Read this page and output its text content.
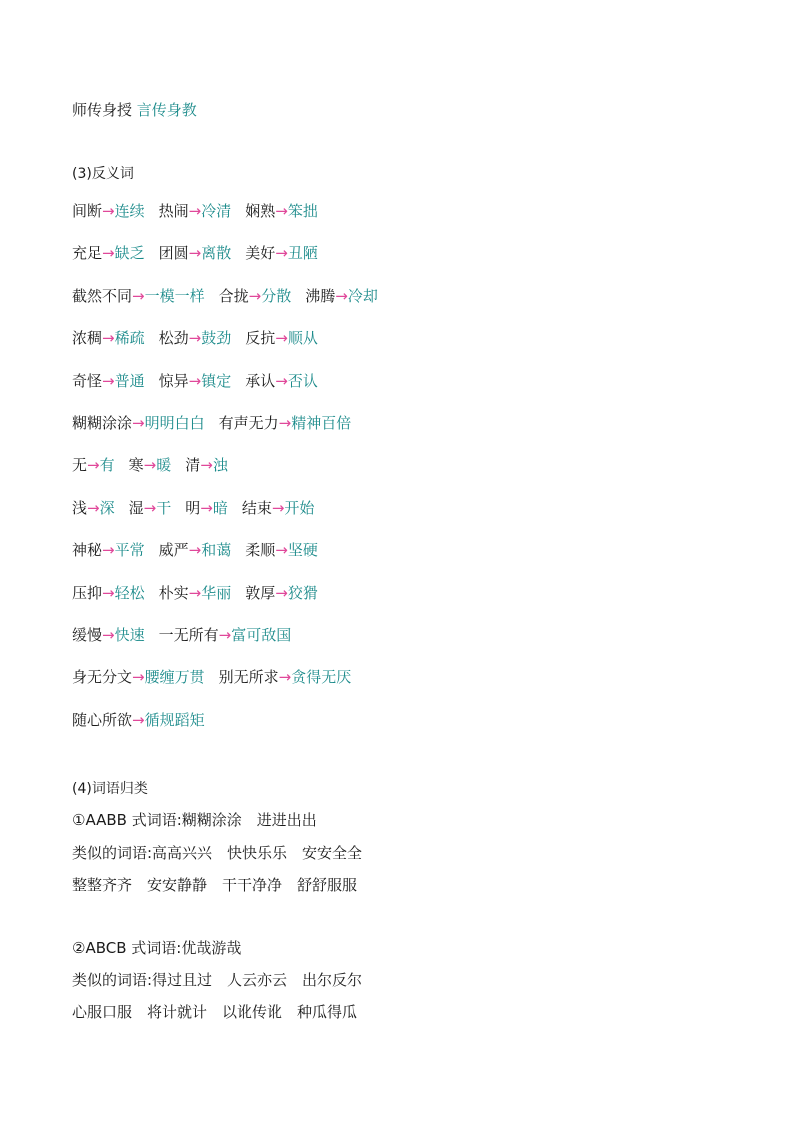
师传身授 言传身教
(3)反义词
间断→连续 热闹→冷清 娴熟→笨拙
充足→缺乏 团圆→离散 美好→丑陋
截然不同→一模一样 合拢→分散 沸腾→冷却
浓稠→稀疏 松劲→鼓劲 反抗→顺从
奇怪→普通 惊异→镇定 承认→否认
糊糊涂涂→明明白白 有声无力→精神百倍
无→有 寒→暖 清→浊
浅→深 湿→干 明→暗 结束→开始
神秘→平常 威严→和蔼 柔顺→坚硬
压抑→轻松 朴实→华丽 敦厚→狡猾
缓慢→快速 一无所有→富可敌国
身无分文→腰缠万贯 别无所求→贪得无厌
随心所欲→循规蹈矩
(4)词语归类
①AABB 式词语:糊糊涂涂　进进出出
类似的词语:高高兴兴　快快乐乐　安安全全
整整齐齐　安安静静　干干净净　舒舒服服
②ABCB 式词语:优哉游哉
类似的词语:得过且过　人云亦云　出尔反尔
心服口服　将计就计　以讹传讹　种瓜得瓜
